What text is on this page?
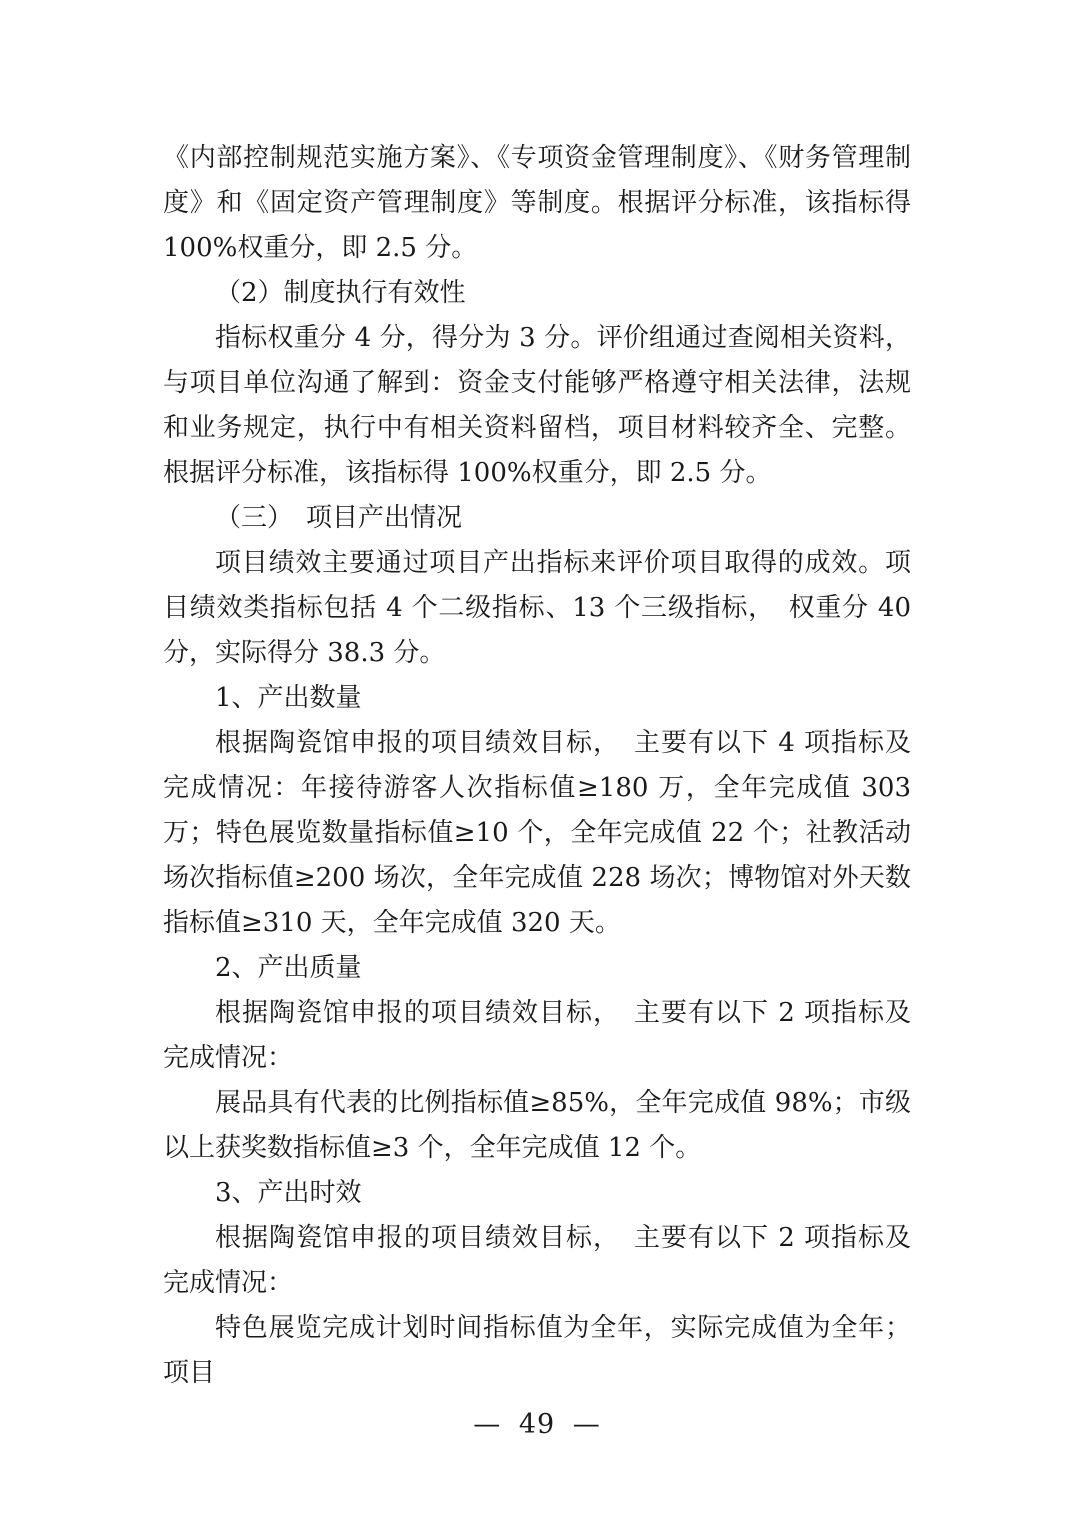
《内部控制规范实施方案》、《专项资金管理制度》、《财务管理制度》和《固定资产管理制度》等制度。根据评分标准，该指标得 100%权重分，即 2.5 分。

（2）制度执行有效性

指标权重分 4 分，得分为 3 分。评价组通过查阅相关资料，与项目单位沟通了解到：资金支付能够严格遵守相关法律，法规和业务规定，执行中有相关资料留档，项目材料较齐全、完整。根据评分标准，该指标得 100%权重分，即 2.5 分。

（三）　项目产出情况

项目绩效主要通过项目产出指标来评价项目取得的成效。项目绩效类指标包括 4 个二级指标、13 个三级指标，　权重分 40 分，实际得分 38.3 分。

1、产出数量

根据陶瓷馆申报的项目绩效目标，　主要有以下 4 项指标及完成情况：年接待游客人次指标值≥180 万，全年完成值 303 万；特色展览数量指标值≥10 个，全年完成值 22 个；社教活动场次指标值≥200 场次，全年完成值 228 场次；博物馆对外天数指标值≥310 天，全年完成值 320 天。

2、产出质量

根据陶瓷馆申报的项目绩效目标，　主要有以下 2 项指标及完成情况：

展品具有代表的比例指标值≥85%，全年完成值 98%；市级以上获奖数指标值≥3 个，全年完成值 12 个。

3、产出时效

根据陶瓷馆申报的项目绩效目标，　主要有以下 2 项指标及完成情况：

特色展览完成计划时间指标值为全年，实际完成值为全年；项目

— 49 —
